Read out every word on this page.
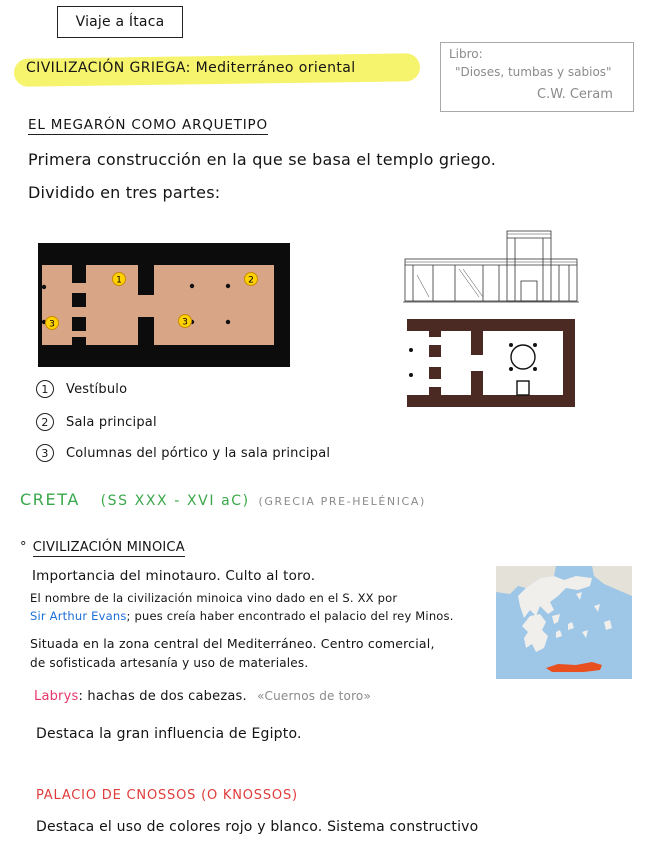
Viaje a Ítaca
CIVILIZACIÓN GRIEGA: Mediterráneo oriental
Libro:
"Dioses, tumbas y sabios"
C.W. Ceram
EL MEGARÓN COMO ARQUETIPO
Primera construcción en la que se basa el templo griego.
Dividido en tres partes:
1	2
3	3
1 Vestíbulo
2 Sala principal
3 Columnas del pórtico y la sala principal
CRETA (SS XXX - XVI aC) (GRECIA PRE-HELÉNICA)
° CIVILIZACIÓN MINOICA
Importancia del minotauro. Culto al toro.
El nombre de la civilización minoica vino dado en el S. XX por
Sir Arthur Evans; pues creía haber encontrado el palacio del rey Minos.
Situada en la zona central del Mediterráneo. Centro comercial,
de sofisticada artesanía y uso de materiales.
Labrys: hachas de dos cabezas. «Cuernos de toro»
Destaca la gran influencia de Egipto.
PALACIO DE CNOSSOS (O KNOSSOS)
Destaca el uso de colores rojo y blanco. Sistema constructivo
